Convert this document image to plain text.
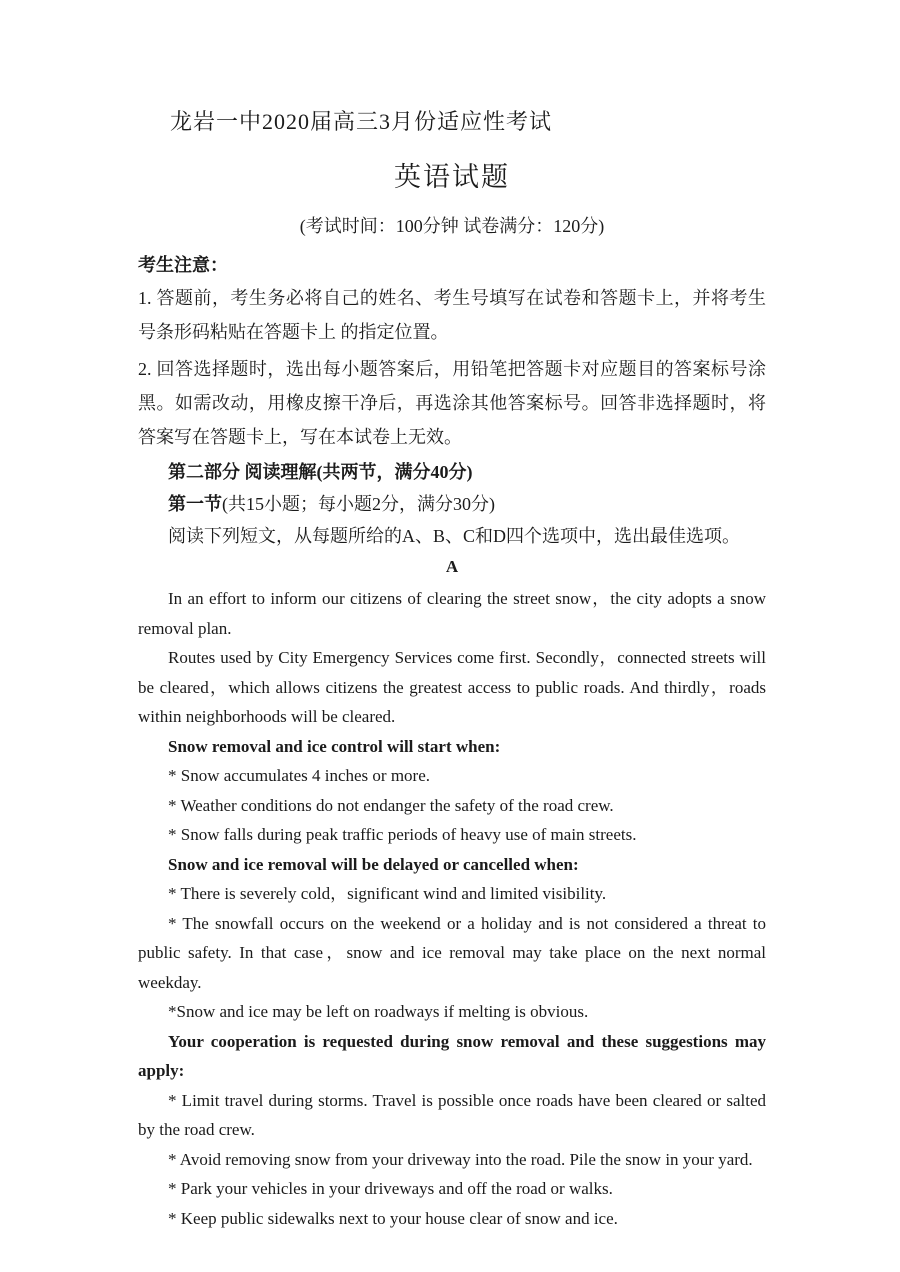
龙岩一中2020届高三3月份适应性考试
英语试题
(考试时间：100分钟 试卷满分：120分)
考生注意：

1. 答题前，考生务必将自己的姓名、考生号填写在试卷和答题卡上，并将考生号条形码粘贴在答题卡上 的指定位置。

2. 回答选择题时，选出每小题答案后，用铅笔把答题卡对应题目的答案标号涂黑。如需改动，用橡皮擦干净后，再选涂其他答案标号。回答非选择题时，将答案写在答题卡上，写在本试卷上无效。

第二部分 阅读理解(共两节，满分40分)

第一节(共15小题；每小题2分，满分30分)

阅读下列短文，从每题所给的A、B、C和D四个选项中，选出最佳选项。

A

In an effort to inform our citizens of clearing the street snow，the city adopts a snow removal plan.

Routes used by City Emergency Services come first. Secondly，connected streets will be cleared，which allows citizens the greatest access to public roads. And thirdly，roads within neighborhoods will be cleared.

Snow removal and ice control will start when:

* Snow accumulates 4 inches or more.

* Weather conditions do not endanger the safety of the road crew.

* Snow falls during peak traffic periods of heavy use of main streets.

Snow and ice removal will be delayed or cancelled when:

* There is severely cold，significant wind and limited visibility.

* The snowfall occurs on the weekend or a holiday and is not considered a threat to public safety. In that case，snow and ice removal may take place on the next normal weekday.

*Snow and ice may be left on roadways if melting is obvious.

Your cooperation is requested during snow removal and these suggestions may apply:

* Limit travel during storms. Travel is possible once roads have been cleared or salted by the road crew.

* Avoid removing snow from your driveway into the road. Pile the snow in your yard.

* Park your vehicles in your driveways and off the road or walks.

* Keep public sidewalks next to your house clear of snow and ice.
